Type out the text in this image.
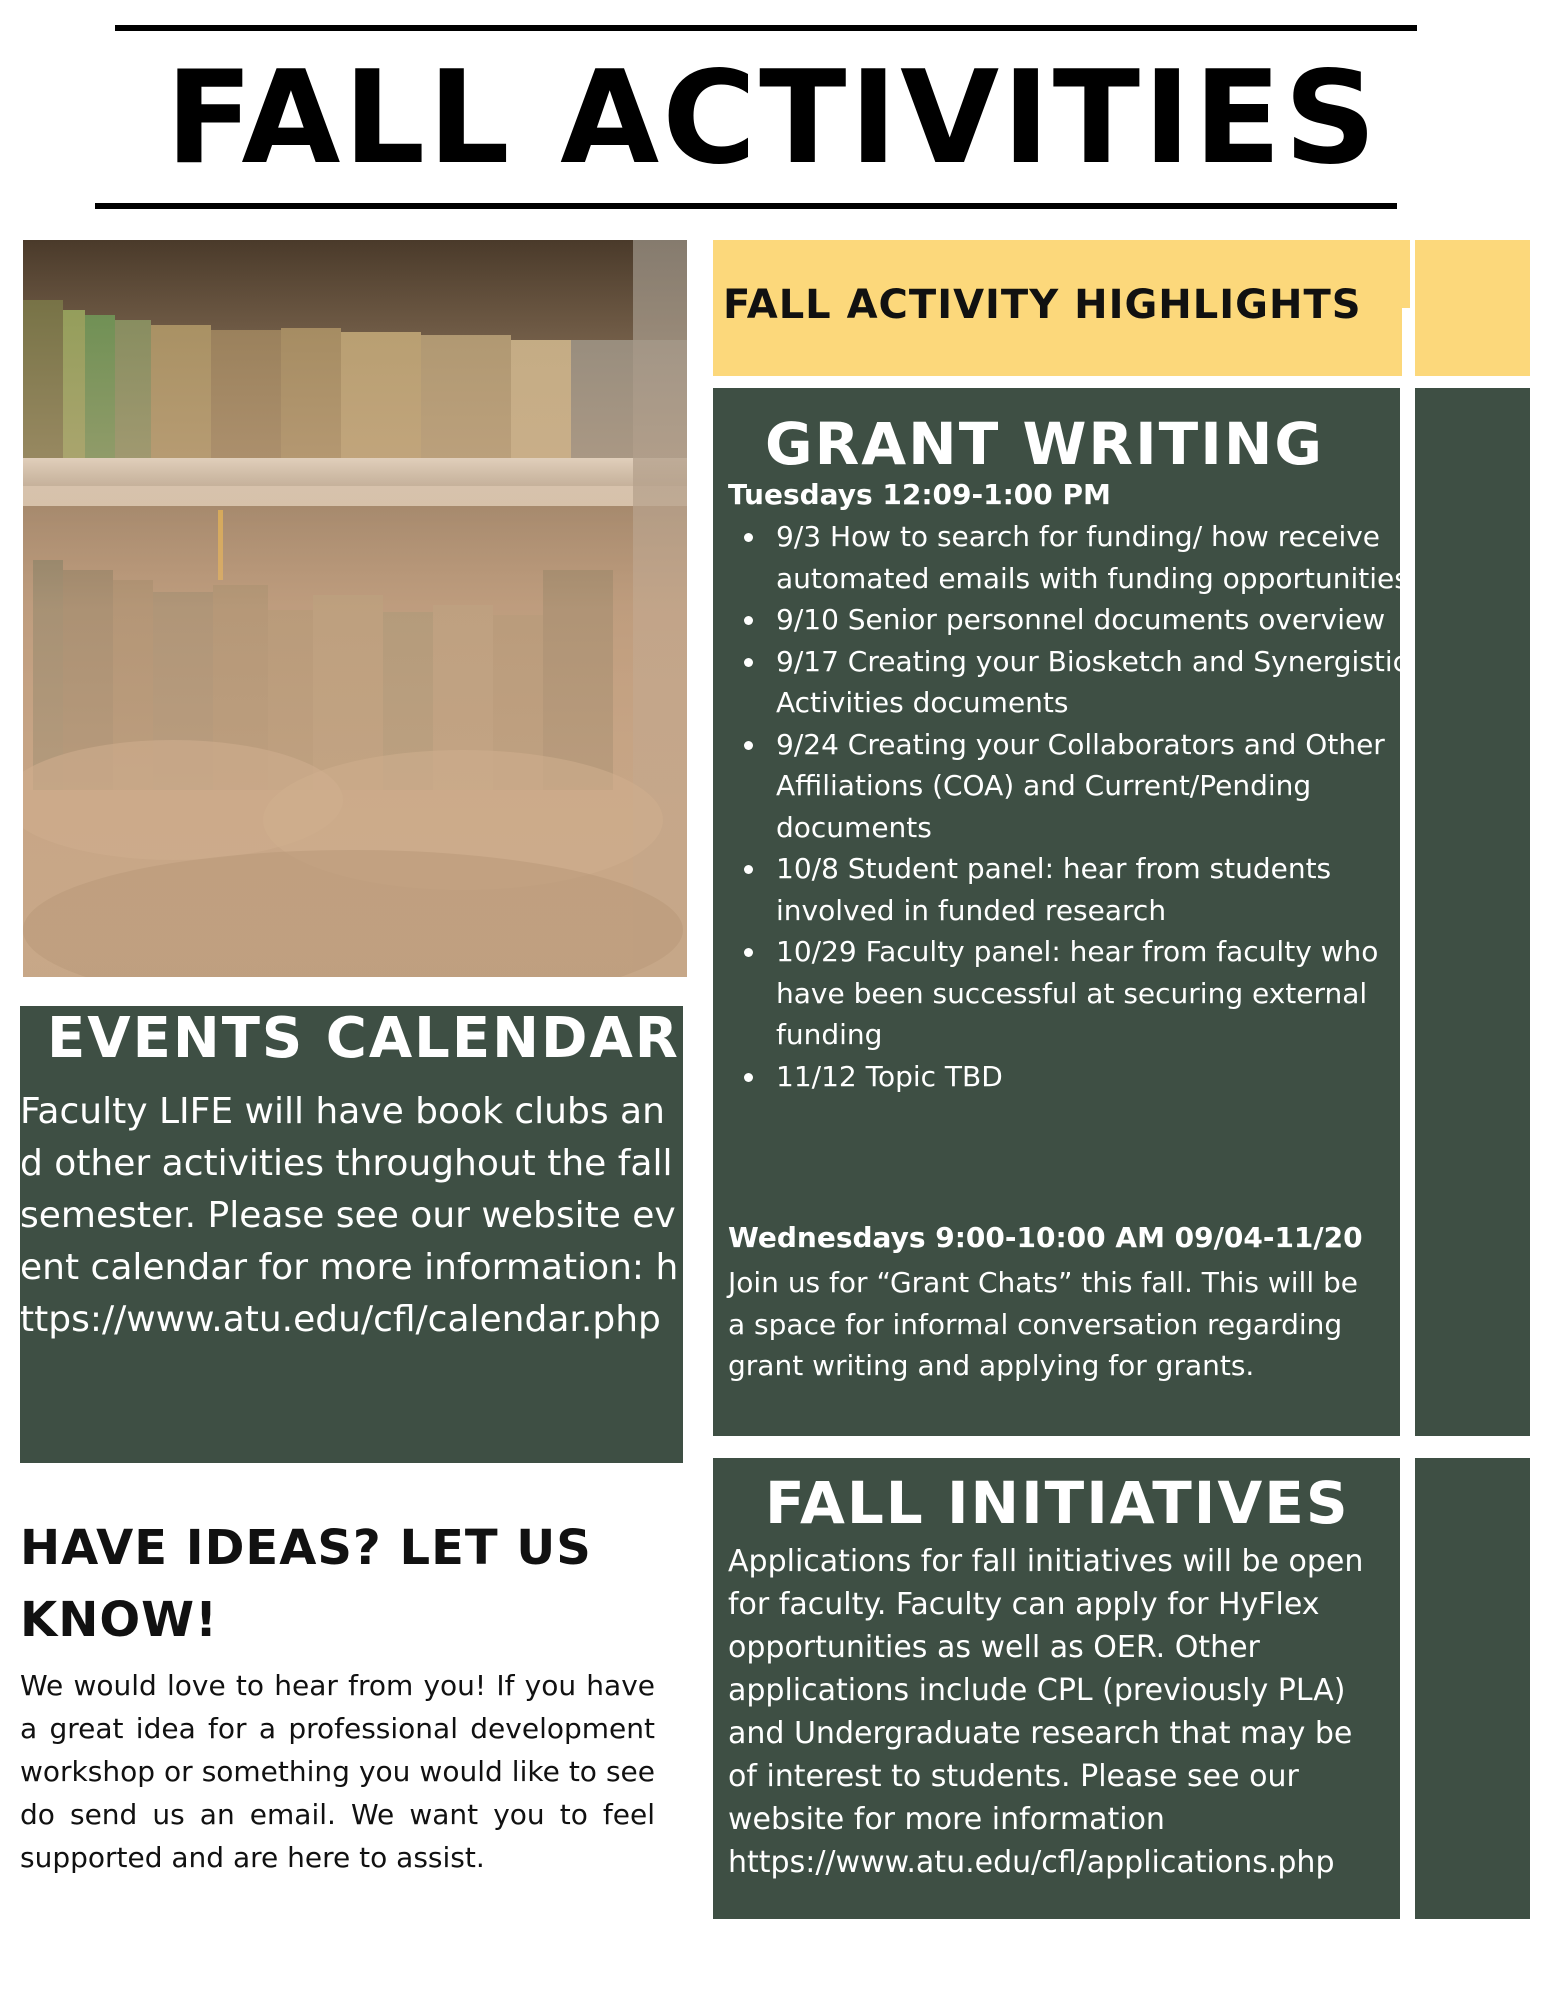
FALL ACTIVITIES
FALL ACTIVITY HIGHLIGHTS
GRANT WRITING
Tuesdays 12:09-1:00 PM
9/3 How to search for funding/ how receive automated emails with funding opportunities
9/10 Senior personnel documents overview
9/17 Creating your Biosketch and Synergistic Activities documents
9/24 Creating your Collaborators and Other Affiliations (COA) and Current/Pending documents
10/8 Student panel: hear from students involved in funded research
10/29 Faculty panel: hear from faculty who have been successful at securing external funding
11/12 Topic TBD
Wednesdays 9:00-10:00 AM 09/04-11/20
Join us for “Grant Chats” this fall. This will be a space for informal conversation regarding grant writing and applying for grants.
EVENTS CALENDAR
Faculty LIFE will have book clubs and other activities throughout the fall semester. Please see our website event calendar for more information: https://www.atu.edu/cfl/calendar.php
FALL INITIATIVES
Applications for fall initiatives will be open for faculty. Faculty can apply for HyFlex opportunities as well as OER. Other applications include CPL (previously PLA) and Undergraduate research that may be of interest to students. Please see our website for more information https://www.atu.edu/cfl/applications.php
HAVE IDEAS? LET US KNOW!
We would love to hear from you! If you have a great idea for a professional development workshop or something you would like to see do send us an email. We want you to feel supported and are here to assist.
